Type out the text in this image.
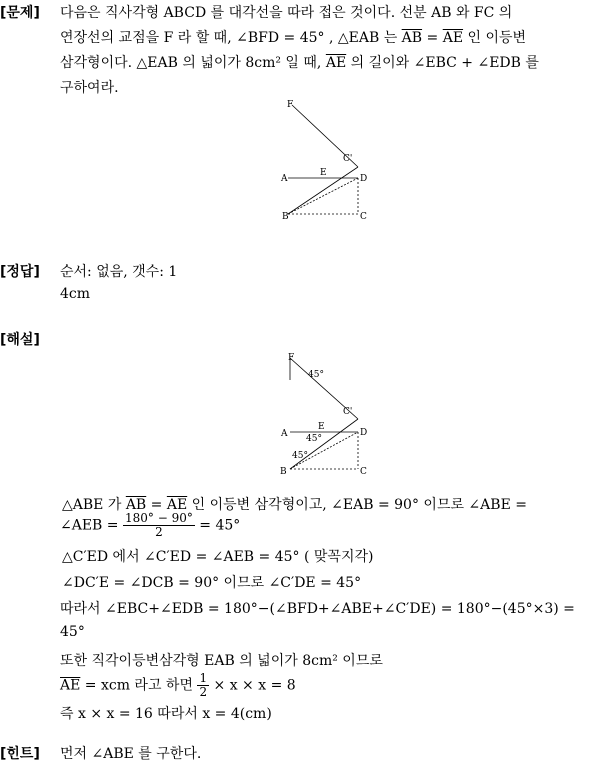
[문제] 다음은 직사각형 ABCD 를 대각선을 따라 접은 것이다. 선분 AB 와 FC 의
연장선의 교점을 F 라 할 때, ∠BFD = 45° , △EAB 는 $\overline{AB} = \overline{AE}$ 인 이등변
삼각형이다. △EAB 의 넓이가 8cm² 일 때, $\overline{AE}$ 의 길이와 ∠EBC + ∠EDB 를
구하여라.
F
C'
A
E
D
B	C
[정답] 순서: 없음, 갯수: 1
4cm
[해설]
F
45°
C'
A
E
45°
D
45°
B	C
△ABE 가 $\overline{AB} = \overline{AE}$ 인 이등변 삼각형이고, ∠EAB = 90° 이므로 ∠ABE =
∠AEB = $\frac{180^\circ - 90^\circ}{2} = 45^\circ$
△C′ED 에서 ∠C′ED = ∠AEB = 45° ( 맞꼭지각)
∠DC′E = ∠DCB = 90° 이므로 ∠C′DE = 45°
따라서 ∠EBC+∠EDB = 180°−(∠BFD+∠ABE+∠C′DE) = 180°−(45°×3) =
45°
또한 직각이등변삼각형 EAB 의 넓이가 8cm² 이므로
$\overline{AE}$ = xcm 라고 하면 $\frac{1}{2} \times x \times x = 8$
즉 x × x = 16 따라서 x = 4(cm)
[힌트] 먼저 ∠ABE 를 구한다.
